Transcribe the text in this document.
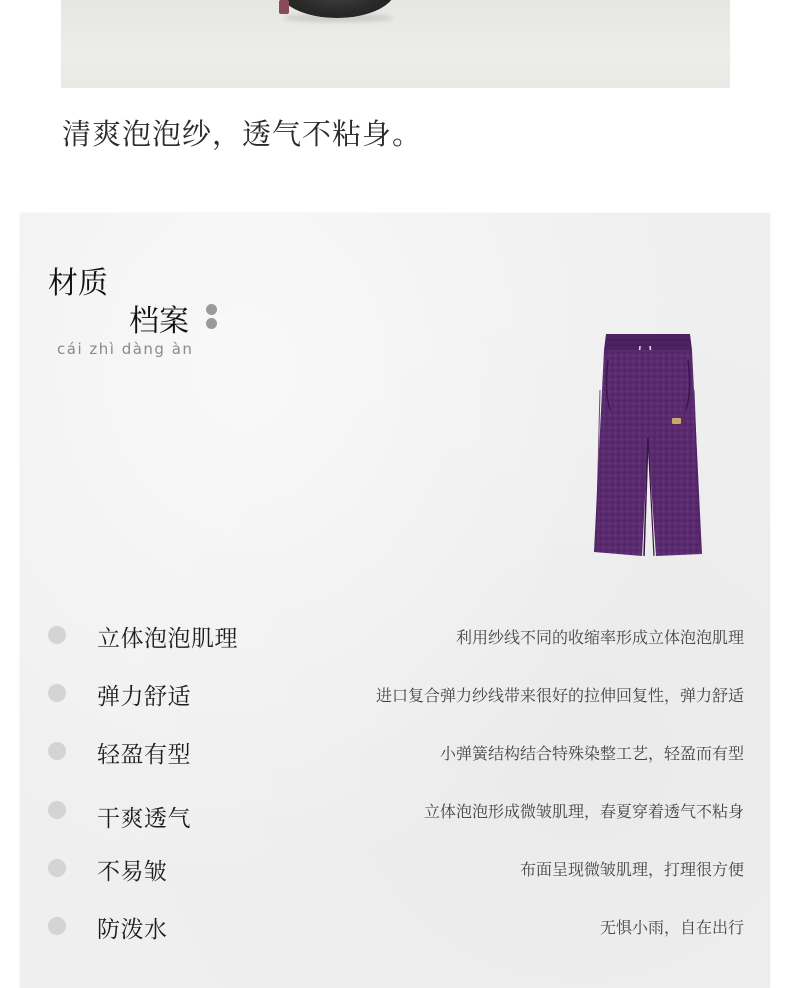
清爽泡泡纱，透气不粘身。
材质
档案
cái zhì dàng àn
立体泡泡肌理	利用纱线不同的收缩率形成立体泡泡肌理
弹力舒适	进口复合弹力纱线带来很好的拉伸回复性，弹力舒适
轻盈有型	小弹簧结构结合特殊染整工艺，轻盈而有型
干爽透气	立体泡泡形成微皱肌理，春夏穿着透气不粘身
不易皱	布面呈现微皱肌理，打理很方便
防泼水	无惧小雨，自在出行
